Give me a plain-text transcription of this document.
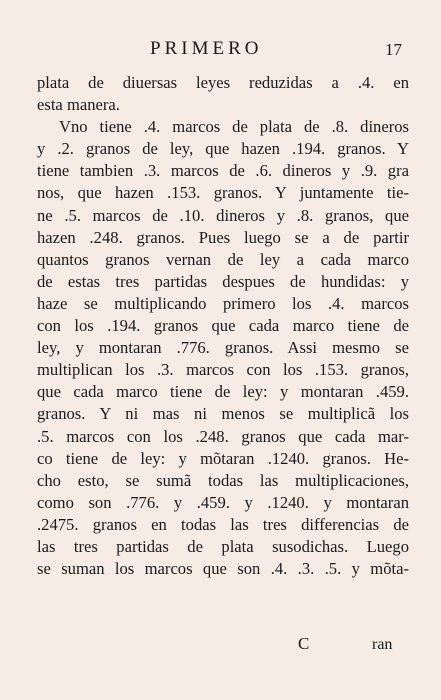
PRIMERO	17
plata de diuersas leyes reduzidas a .4. en
esta manera.
Vno tiene .4. marcos de plata de .8. dineros
y .2. granos de ley, que hazen .194. granos. Y
tiene tambien .3. marcos de .6. dineros y .9. gra
nos, que hazen .153. granos. Y juntamente tie-
ne .5. marcos de .10. dineros y .8. granos, que
hazen .248. granos. Pues luego se a de partir
quantos granos vernan de ley a cada marco
de estas tres partidas despues de hundidas: y
haze se multiplicando primero los .4. marcos
con los .194. granos que cada marco tiene de
ley, y montaran .776. granos. Assi mesmo se
multiplican los .3. marcos con los .153. granos,
que cada marco tiene de ley: y montaran .459.
granos. Y ni mas ni menos se multiplicã los
.5. marcos con los .248. granos que cada mar-
co tiene de ley: y mõtaran .1240. granos. He-
cho esto, se sumã todas las multiplicaciones,
como son .776. y .459. y .1240. y montaran
.2475. granos en todas las tres differencias de
las tres partidas de plata susodichas. Luego
se suman los marcos que son .4. .3. .5. y mõta-
C	ran
